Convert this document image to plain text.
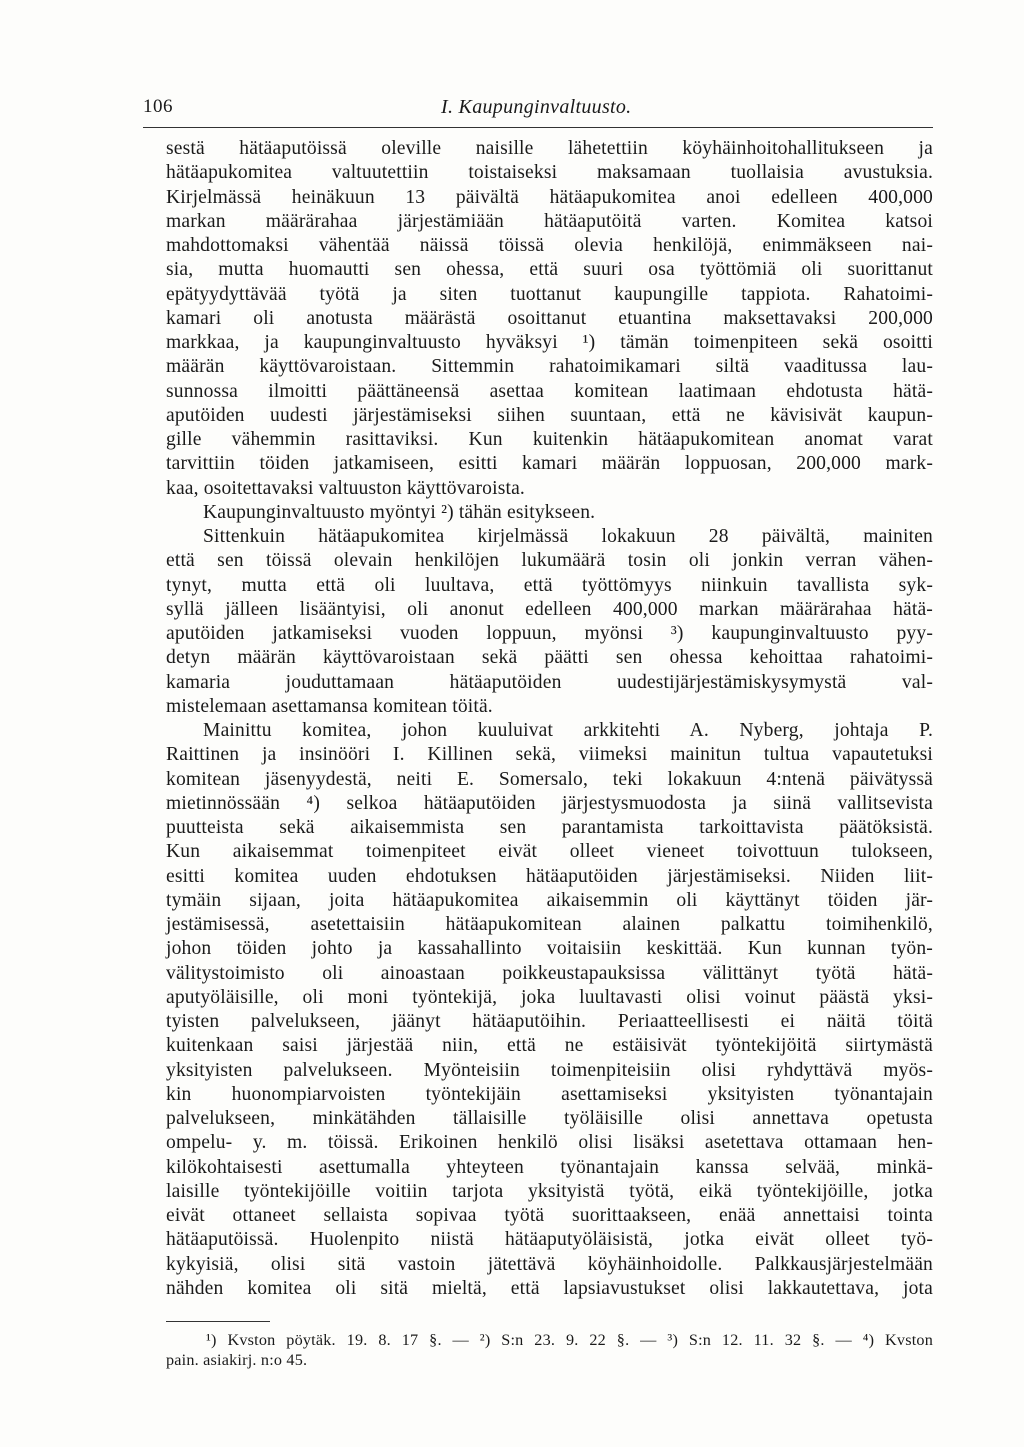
106	I. Kaupunginvaltuusto.
sestä hätäaputöissä oleville naisille lähetettiin köyhäinhoitohallitukseen ja
hätäapukomitea valtuutettiin toistaiseksi maksamaan tuollaisia avustuksia.
Kirjelmässä heinäkuun 13 päivältä hätäapukomitea anoi edelleen 400,000
markan määrärahaa järjestämiään hätäaputöitä varten. Komitea katsoi
mahdottomaksi vähentää näissä töissä olevia henkilöjä, enimmäkseen nai-
sia, mutta huomautti sen ohessa, että suuri osa työttömiä oli suorittanut
epätyydyttävää työtä ja siten tuottanut kaupungille tappiota. Rahatoimi-
kamari oli anotusta määrästä osoittanut etuantina maksettavaksi 200,000
markkaa, ja kaupunginvaltuusto hyväksyi ¹) tämän toimenpiteen sekä osoitti
määrän käyttövaroistaan. Sittemmin rahatoimikamari siltä vaaditussa lau-
sunnossa ilmoitti päättäneensä asettaa komitean laatimaan ehdotusta hätä-
aputöiden uudesti järjestämiseksi siihen suuntaan, että ne kävisivät kaupun-
gille vähemmin rasittaviksi. Kun kuitenkin hätäapukomitean anomat varat
tarvittiin töiden jatkamiseen, esitti kamari määrän loppuosan, 200,000 mark-
kaa, osoitettavaksi valtuuston käyttövaroista.
Kaupunginvaltuusto myöntyi ²) tähän esitykseen.
Sittenkuin hätäapukomitea kirjelmässä lokakuun 28 päivältä, mainiten
että sen töissä olevain henkilöjen lukumäärä tosin oli jonkin verran vähen-
tynyt, mutta että oli luultava, että työttömyys niinkuin tavallista syk-
syllä jälleen lisääntyisi, oli anonut edelleen 400,000 markan määrärahaa hätä-
aputöiden jatkamiseksi vuoden loppuun, myönsi ³) kaupunginvaltuusto pyy-
detyn määrän käyttövaroistaan sekä päätti sen ohessa kehoittaa rahatoimi-
kamaria jouduttamaan hätäaputöiden uudestijärjestämiskysymystä val-
mistelemaan asettamansa komitean töitä.
Mainittu komitea, johon kuuluivat arkkitehti A. Nyberg, johtaja P.
Raittinen ja insinööri I. Killinen sekä, viimeksi mainitun tultua vapautetuksi
komitean jäsenyydestä, neiti E. Somersalo, teki lokakuun 4:ntenä päivätyssä
mietinnössään ⁴) selkoa hätäaputöiden järjestysmuodosta ja siinä vallitsevista
puutteista sekä aikaisemmista sen parantamista tarkoittavista päätöksistä.
Kun aikaisemmat toimenpiteet eivät olleet vieneet toivottuun tulokseen,
esitti komitea uuden ehdotuksen hätäaputöiden järjestämiseksi. Niiden liit-
tymäin sijaan, joita hätäapukomitea aikaisemmin oli käyttänyt töiden jär-
jestämisessä, asetettaisiin hätäapukomitean alainen palkattu toimihenkilö,
johon töiden johto ja kassahallinto voitaisiin keskittää. Kun kunnan työn-
välitystoimisto oli ainoastaan poikkeustapauksissa välittänyt työtä hätä-
aputyöläisille, oli moni työntekijä, joka luultavasti olisi voinut päästä yksi-
tyisten palvelukseen, jäänyt hätäaputöihin. Periaatteellisesti ei näitä töitä
kuitenkaan saisi järjestää niin, että ne estäisivät työntekijöitä siirtymästä
yksityisten palvelukseen. Myönteisiin toimenpiteisiin olisi ryhdyttävä myös-
kin huonompiarvoisten työntekijäin asettamiseksi yksityisten työnantajain
palvelukseen, minkätähden tällaisille työläisille olisi annettava opetusta
ompelu- y. m. töissä. Erikoinen henkilö olisi lisäksi asetettava ottamaan hen-
kilökohtaisesti asettumalla yhteyteen työnantajain kanssa selvää, minkä-
laisille työntekijöille voitiin tarjota yksityistä työtä, eikä työntekijöille, jotka
eivät ottaneet sellaista sopivaa työtä suorittaakseen, enää annettaisi tointa
hätäaputöissä. Huolenpito niistä hätäaputyöläisistä, jotka eivät olleet työ-
kykyisiä, olisi sitä vastoin jätettävä köyhäinhoidolle. Palkkausjärjestelmään
nähden komitea oli sitä mieltä, että lapsiavustukset olisi lakkautettava, jota
¹) Kvston pöytäk. 19. 8. 17 §. — ²) S:n 23. 9. 22 §. — ³) S:n 12. 11. 32 §. — ⁴) Kvston
pain. asiakirj. n:o 45.
